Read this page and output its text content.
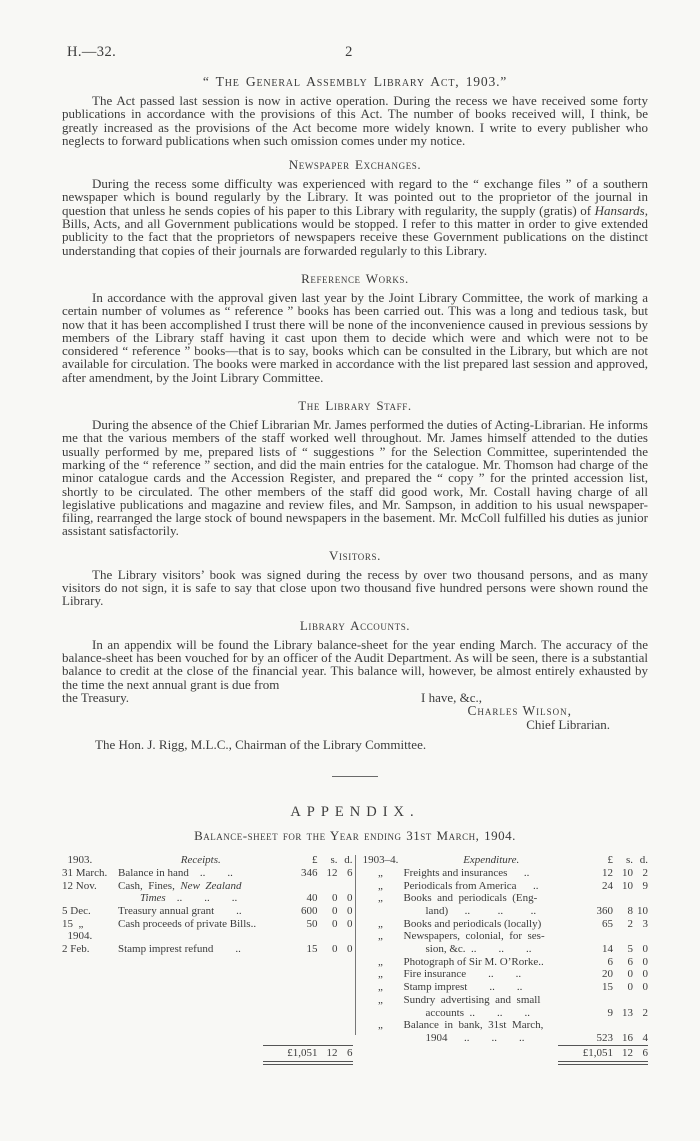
H.—32.	2
“ The General Assembly Library Act, 1903.”

The Act passed last session is now in active operation. During the recess we have received some forty publications in accordance with the provisions of this Act. The number of books received will, I think, be greatly increased as the provisions of the Act become more widely known. I write to every publisher who neglects to forward publications when such omission comes under my notice.

Newspaper Exchanges.

During the recess some difficulty was experienced with regard to the “ exchange files ” of a southern newspaper which is bound regularly by the Library. It was pointed out to the proprietor of the journal in question that unless he sends copies of his paper to this Library with regularity, the supply (gratis) of Hansards, Bills, Acts, and all Government publications would be stopped. I refer to this matter in order to give extended publicity to the fact that the proprietors of newspapers receive these Government publications on the distinct understanding that copies of their journals are forwarded regularly to this Library.

Reference Works.

In accordance with the approval given last year by the Joint Library Committee, the work of marking a certain number of volumes as “ reference ” books has been carried out. This was a long and tedious task, but now that it has been accomplished I trust there will be none of the inconvenience caused in previous sessions by members of the Library staff having it cast upon them to decide which were and which were not to be considered “ reference ” books—that is to say, books which can be consulted in the Library, but which are not available for circulation. The books were marked in accordance with the list prepared last session and approved, after amendment, by the Joint Library Committee.

The Library Staff.

During the absence of the Chief Librarian Mr. James performed the duties of Acting-Librarian. He informs me that the various members of the staff worked well throughout. Mr. James himself attended to the duties usually performed by me, prepared lists of “ suggestions ” for the Selection Committee, superintended the marking of the “ reference ” section, and did the main entries for the catalogue. Mr. Thomson had charge of the minor catalogue cards and the Accession Register, and prepared the “ copy ” for the printed accession list, shortly to be circulated. The other members of the staff did good work, Mr. Costall having charge of all legislative publications and magazine and review files, and Mr. Sampson, in addition to his usual newspaper-filing, rearranged the large stock of bound newspapers in the basement. Mr. McColl fulfilled his duties as junior assistant satisfactorily.

Visitors.

The Library visitors’ book was signed during the recess by over two thousand persons, and as many visitors do not sign, it is safe to say that close upon two thousand five hundred persons were shown round the Library.

Library Accounts.

In an appendix will be found the Library balance-sheet for the year ending March. The accuracy of the balance-sheet has been vouched for by an officer of the Audit Department. As will be seen, there is a substantial balance to credit at the close of the financial year. This balance will, however, be almost entirely exhausted by the time the next annual grant is due from

the Treasury.	I have, &c.,
Charles Wilson,
Chief Librarian.
The Hon. J. Rigg, M.L.C., Chairman of the Library Committee.
APPENDIX.
Balance-sheet for the Year ending 31st March, 1904.
1903.	Receipts.	£	s. d.
31 March. Balance in hand    ..        ..	346 12 6
12 Nov.	Cash,  Fines,  New  Zealand
Times    ..        ..        ..	40	0 0
5 Dec.	Treasury annual grant        ..	600	0 0
15  „	Cash proceeds of private Bills..	50	0 0
1904.
2 Feb.	Stamp imprest refund        ..	15	0 0
£1,051 12 6
1903–4.	Expenditure.	£	s. d.
„	Freights and insurances      ..	12 10 2
„	Periodicals from America      ..	24 10 9
„	Books  and  periodicals  (Eng-
land)      ..          ..          ..	360	8 10
„	Books and periodicals (locally)	65	2 3
„	Newspapers,  colonial,  for  ses-
sion, &c.  ..        ..        ..	14	5 0
„	Photograph of Sir M. O’Rorke..	6	6 0
„	Fire insurance        ..        ..	20	0 0
„	Stamp imprest        ..        ..	15	0 0
„	Sundry  advertising  and  small
accounts  ..        ..        ..	9 13 2
„	Balance  in  bank,  31st  March,
1904      ..        ..        ..	523 16 4
£1,051 12 6
